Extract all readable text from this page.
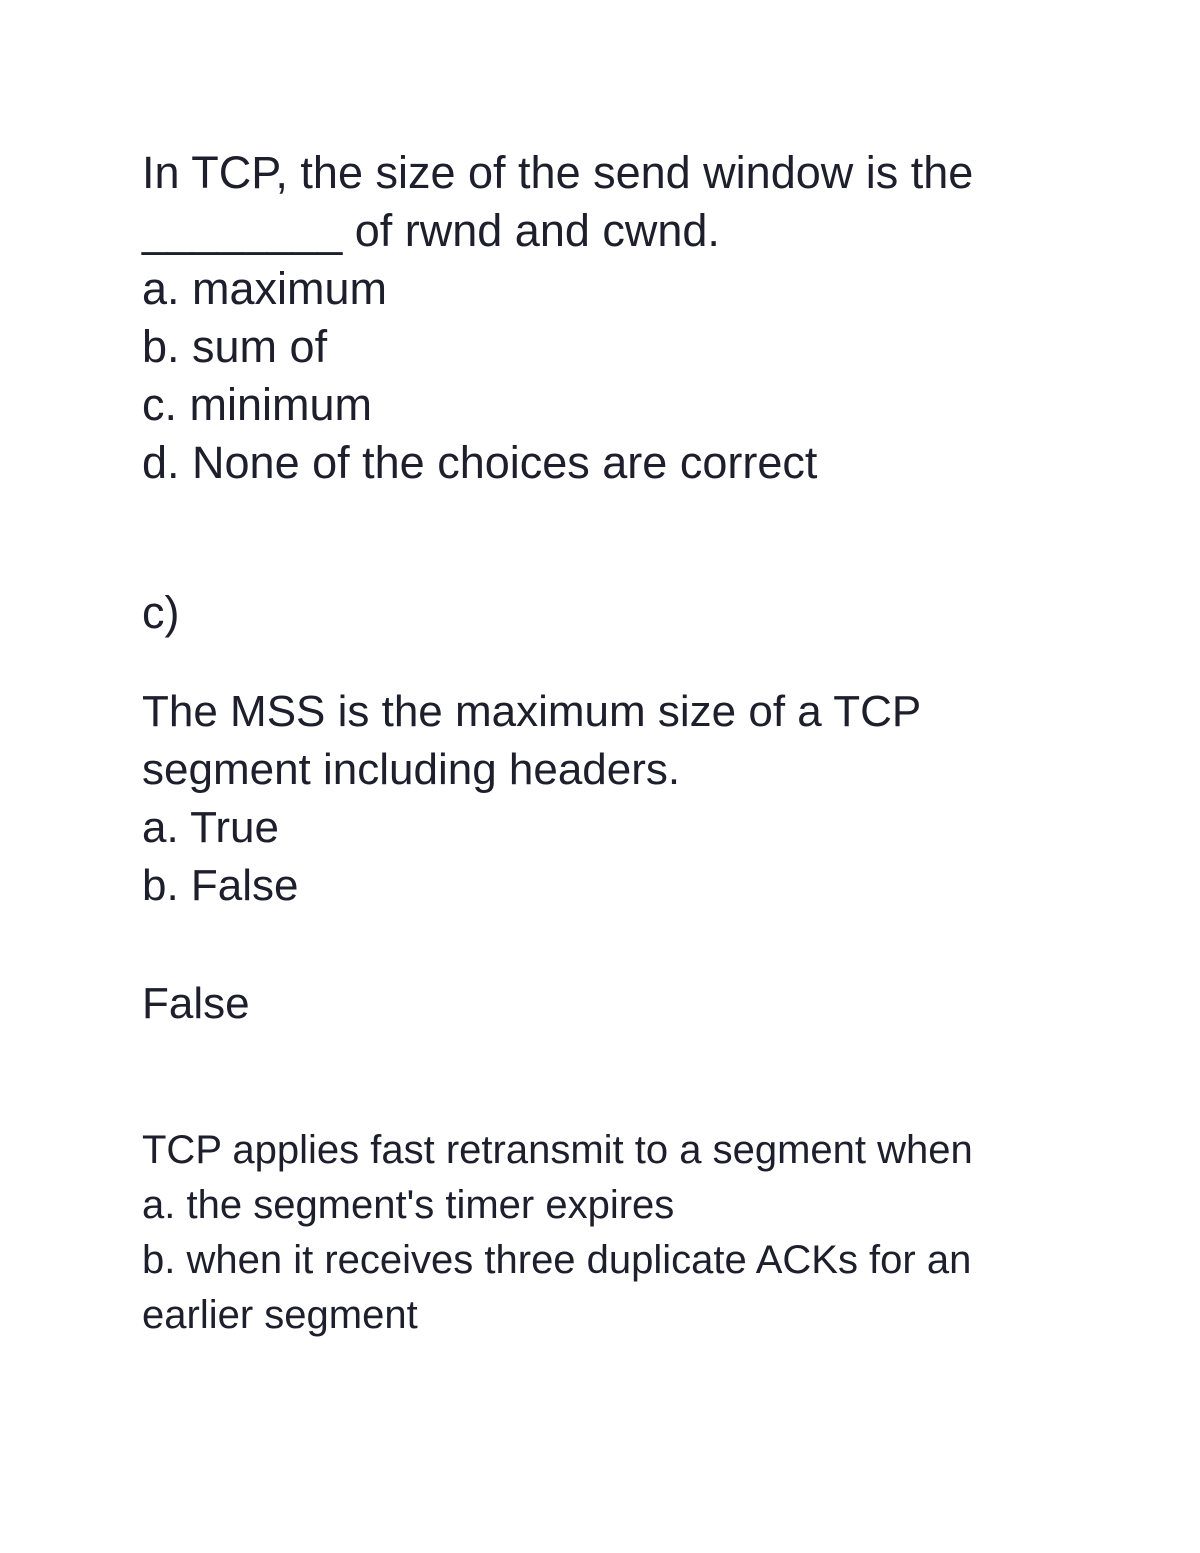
In TCP, the size of the send window is the
________ of rwnd and cwnd.
a. maximum
b. sum of
c. minimum
d. None of the choices are correct
c)
The MSS is the maximum size of a TCP
segment including headers.
a. True
b. False
False
TCP applies fast retransmit to a segment when
a. the segment's timer expires
b. when it receives three duplicate ACKs for an
earlier segment
